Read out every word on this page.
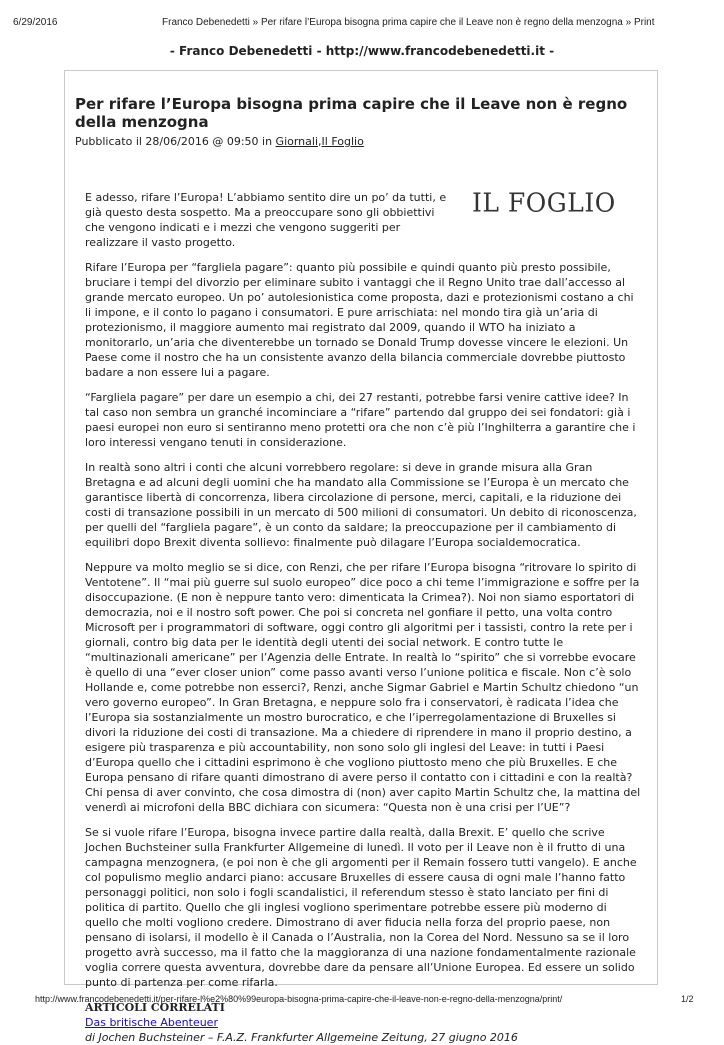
6/29/2016	Franco Debenedetti » Per rifare l’Europa bisogna prima capire che il Leave non è regno della menzogna » Print
- Franco Debenedetti - http://www.francodebenedetti.it -
Per rifare l’Europa bisogna prima capire che il Leave non è regno della menzogna
Pubblicato il 28/06/2016 @ 09:50 in Giornali,Il Foglio
IL FOGLIO

E adesso, rifare l’Europa! L’abbiamo sentito dire un po’ da tutti, e già questo desta sospetto. Ma a preoccupare sono gli obbiettivi che vengono indicati e i mezzi che vengono suggeriti per realizzare il vasto progetto.

Rifare l’Europa per “fargliela pagare”: quanto più possibile e quindi quanto più presto possibile, bruciare i tempi del divorzio per eliminare subito i vantaggi che il Regno Unito trae dall’accesso al grande mercato europeo. Un po’ autolesionistica come proposta, dazi e protezionismi costano a chi li impone, e il conto lo pagano i consumatori. E pure arrischiata: nel mondo tira già un’aria di protezionismo, il maggiore aumento mai registrato dal 2009, quando il WTO ha iniziato a monitorarlo, un’aria che diventerebbe un tornado se Donald Trump dovesse vincere le elezioni. Un Paese come il nostro che ha un consistente avanzo della bilancia commerciale dovrebbe piuttosto badare a non essere lui a pagare.

“Fargliela pagare” per dare un esempio a chi, dei 27 restanti, potrebbe farsi venire cattive idee? In tal caso non sembra un granché incominciare a “rifare” partendo dal gruppo dei sei fondatori: già i paesi europei non euro si sentiranno meno protetti ora che non c’è più l’Inghilterra a garantire che i loro interessi vengano tenuti in considerazione.

In realtà sono altri i conti che alcuni vorrebbero regolare: si deve in grande misura alla Gran Bretagna e ad alcuni degli uomini che ha mandato alla Commissione se l’Europa è un mercato che garantisce libertà di concorrenza, libera circolazione di persone, merci, capitali, e la riduzione dei costi di transazione possibili in un mercato di 500 milioni di consumatori. Un debito di riconoscenza, per quelli del “fargliela pagare”, è un conto da saldare; la preoccupazione per il cambiamento di equilibri dopo Brexit diventa sollievo: finalmente può dilagare l’Europa socialdemocratica.

Neppure va molto meglio se si dice, con Renzi, che per rifare l’Europa bisogna “ritrovare lo spirito di Ventotene”. Il “mai più guerre sul suolo europeo” dice poco a chi teme l’immigrazione e soffre per la disoccupazione. (E non è neppure tanto vero: dimenticata la Crimea?). Noi non siamo esportatori di democrazia, noi e il nostro soft power. Che poi si concreta nel gonfiare il petto, una volta contro Microsoft per i programmatori di software, oggi contro gli algoritmi per i tassisti, contro la rete per i giornali, contro big data per le identità degli utenti dei social network. E contro tutte le “multinazionali americane” per l’Agenzia delle Entrate. In realtà lo “spirito” che si vorrebbe evocare è quello di una “ever closer union” come passo avanti verso l’unione politica e fiscale. Non c’è solo Hollande e, come potrebbe non esserci?, Renzi, anche Sigmar Gabriel e Martin Schultz chiedono “un vero governo europeo”. In Gran Bretagna, e neppure solo fra i conservatori, è radicata l’idea che l’Europa sia sostanzialmente un mostro burocratico, e che l’iperregolamentazione di Bruxelles si divori la riduzione dei costi di transazione. Ma a chiedere di riprendere in mano il proprio destino, a esigere più trasparenza e più accountability, non sono solo gli inglesi del Leave: in tutti i Paesi d’Europa quello che i cittadini esprimono è che vogliono piuttosto meno che più Bruxelles. E che Europa pensano di rifare quanti dimostrano di avere perso il contatto con i cittadini e con la realtà? Chi pensa di aver convinto, che cosa dimostra di (non) aver capito Martin Schultz che, la mattina del venerdì ai microfoni della BBC dichiara con sicumera: “Questa non è una crisi per l’UE”?

Se si vuole rifare l’Europa, bisogna invece partire dalla realtà, dalla Brexit. E’ quello che scrive Jochen Buchsteiner sulla Frankfurter Allgemeine di lunedì. Il voto per il Leave non è il frutto di una campagna menzognera, (e poi non è che gli argomenti per il Remain fossero tutti vangelo). E anche col populismo meglio andarci piano: accusare Bruxelles di essere causa di ogni male l’hanno fatto personaggi politici, non solo i fogli scandalistici, il referendum stesso è stato lanciato per fini di politica di partito. Quello che gli inglesi vogliono sperimentare potrebbe essere più moderno di quello che molti vogliono credere. Dimostrano di aver fiducia nella forza del proprio paese, non pensano di isolarsi, il modello è il Canada o l’Australia, non la Corea del Nord. Nessuno sa se il loro progetto avrà successo, ma il fatto che la maggioranza di una nazione fondamentalmente razionale voglia correre questa avventura, dovrebbe dare da pensare all’Unione Europea. Ed essere un solido punto di partenza per come rifarla.

ARTICOLI CORRELATI

Das britische Abenteuer

di Jochen Buchsteiner – F.A.Z. Frankfurter Allgemeine Zeitung, 27 giugno 2016

http://www.francodebenedetti.it/per-rifare-l%e2%80%99europa-bisogna-prima-capire-che-il-leave-non-e-regno-della-menzogna/print/	1/2
